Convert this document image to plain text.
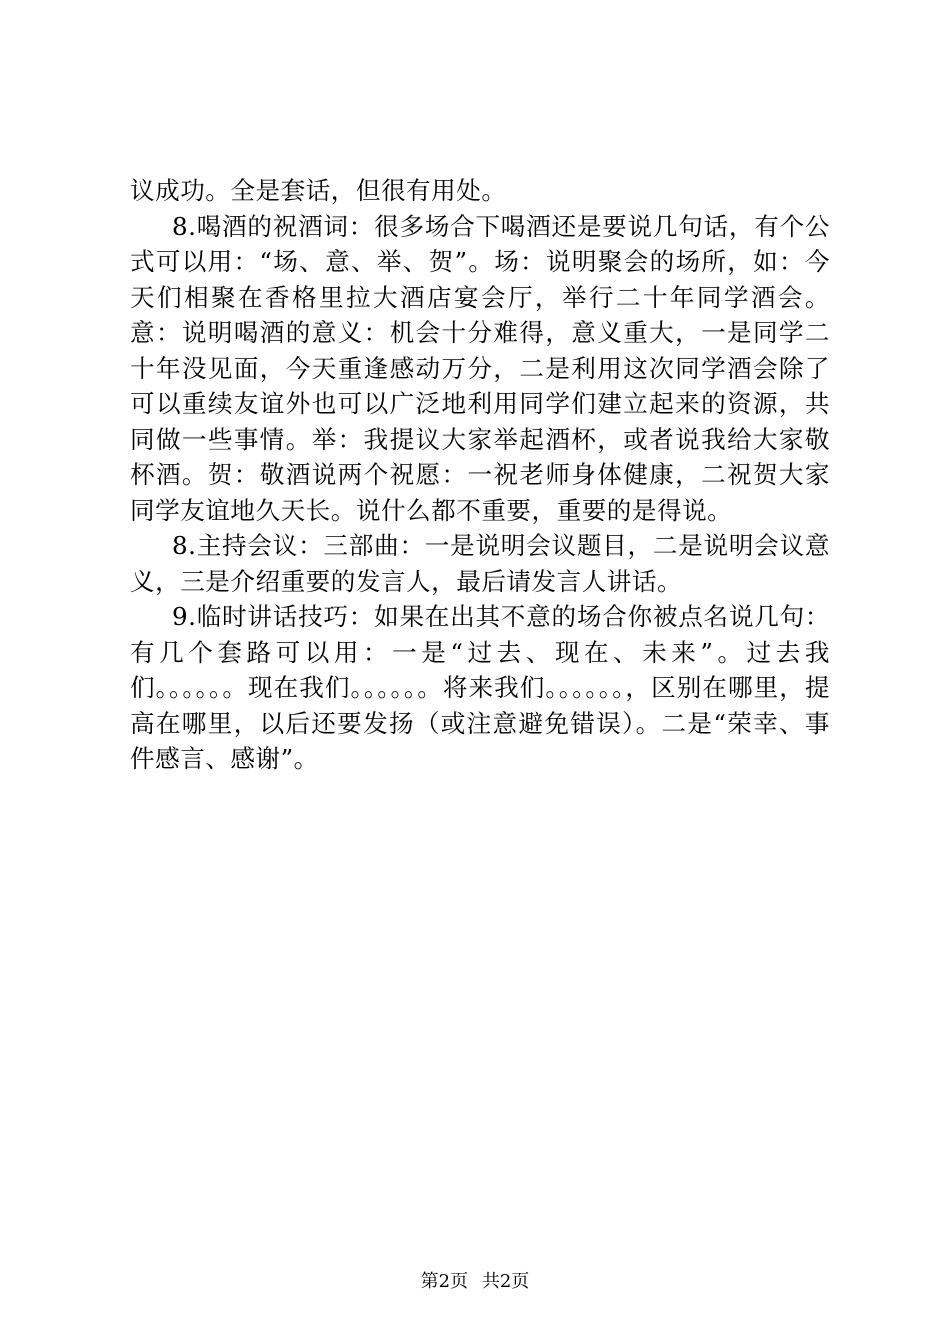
议成功。全是套话，但很有用处。

8.喝酒的祝酒词：很多场合下喝酒还是要说几句话，有个公式可以用：“场、意、举、贺”。场：说明聚会的场所，如：今天们相聚在香格里拉大酒店宴会厅，举行二十年同学酒会。意：说明喝酒的意义：机会十分难得，意义重大，一是同学二十年没见面，今天重逢感动万分，二是利用这次同学酒会除了可以重续友谊外也可以广泛地利用同学们建立起来的资源，共同做一些事情。举：我提议大家举起酒杯，或者说我给大家敬杯酒。贺：敬酒说两个祝愿：一祝老师身体健康，二祝贺大家同学友谊地久天长。说什么都不重要，重要的是得说。

8.主持会议：三部曲：一是说明会议题目，二是说明会议意义，三是介绍重要的发言人，最后请发言人讲话。

9.临时讲话技巧：如果在出其不意的场合你被点名说几句：有几个套路可以用：一是“过去、现在、未来”。过去我们。。。。。。现在我们。。。。。。将来我们。。。。。。，区别在哪里，提高在哪里，以后还要发扬（或注意避免错误）。二是“荣幸、事件感言、感谢”。

第2页 共2页
